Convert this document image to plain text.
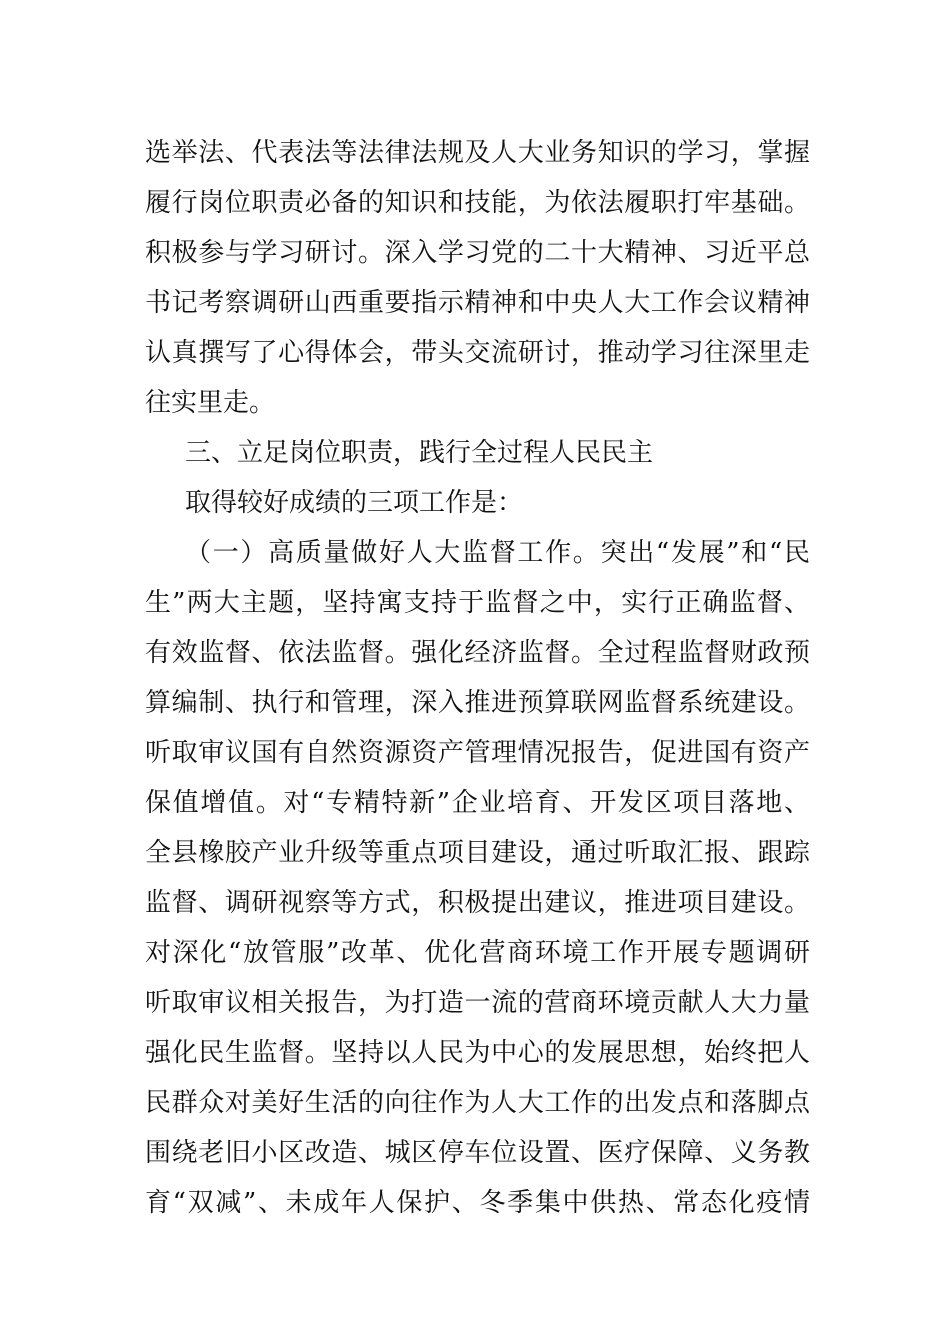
选举法、代表法等法律法规及人大业务知识的学习，掌握
履行岗位职责必备的知识和技能，为依法履职打牢基础。
积极参与学习研讨。深入学习党的二十大精神、习近平总
书记考察调研山西重要指示精神和中央人大工作会议精神
认真撰写了心得体会，带头交流研讨，推动学习往深里走
往实里走。
三、立足岗位职责，践行全过程人民民主
取得较好成绩的三项工作是：
（一）高质量做好人大监督工作。突出“发展”和“民
生”两大主题，坚持寓支持于监督之中，实行正确监督、
有效监督、依法监督。强化经济监督。全过程监督财政预
算编制、执行和管理，深入推进预算联网监督系统建设。
听取审议国有自然资源资产管理情况报告，促进国有资产
保值增值。对“专精特新”企业培育、开发区项目落地、
全县橡胶产业升级等重点项目建设，通过听取汇报、跟踪
监督、调研视察等方式，积极提出建议，推进项目建设。
对深化“放管服”改革、优化营商环境工作开展专题调研
听取审议相关报告，为打造一流的营商环境贡献人大力量
强化民生监督。坚持以人民为中心的发展思想，始终把人
民群众对美好生活的向往作为人大工作的出发点和落脚点
围绕老旧小区改造、城区停车位设置、医疗保障、义务教
育“双减”、未成年人保护、冬季集中供热、常态化疫情
